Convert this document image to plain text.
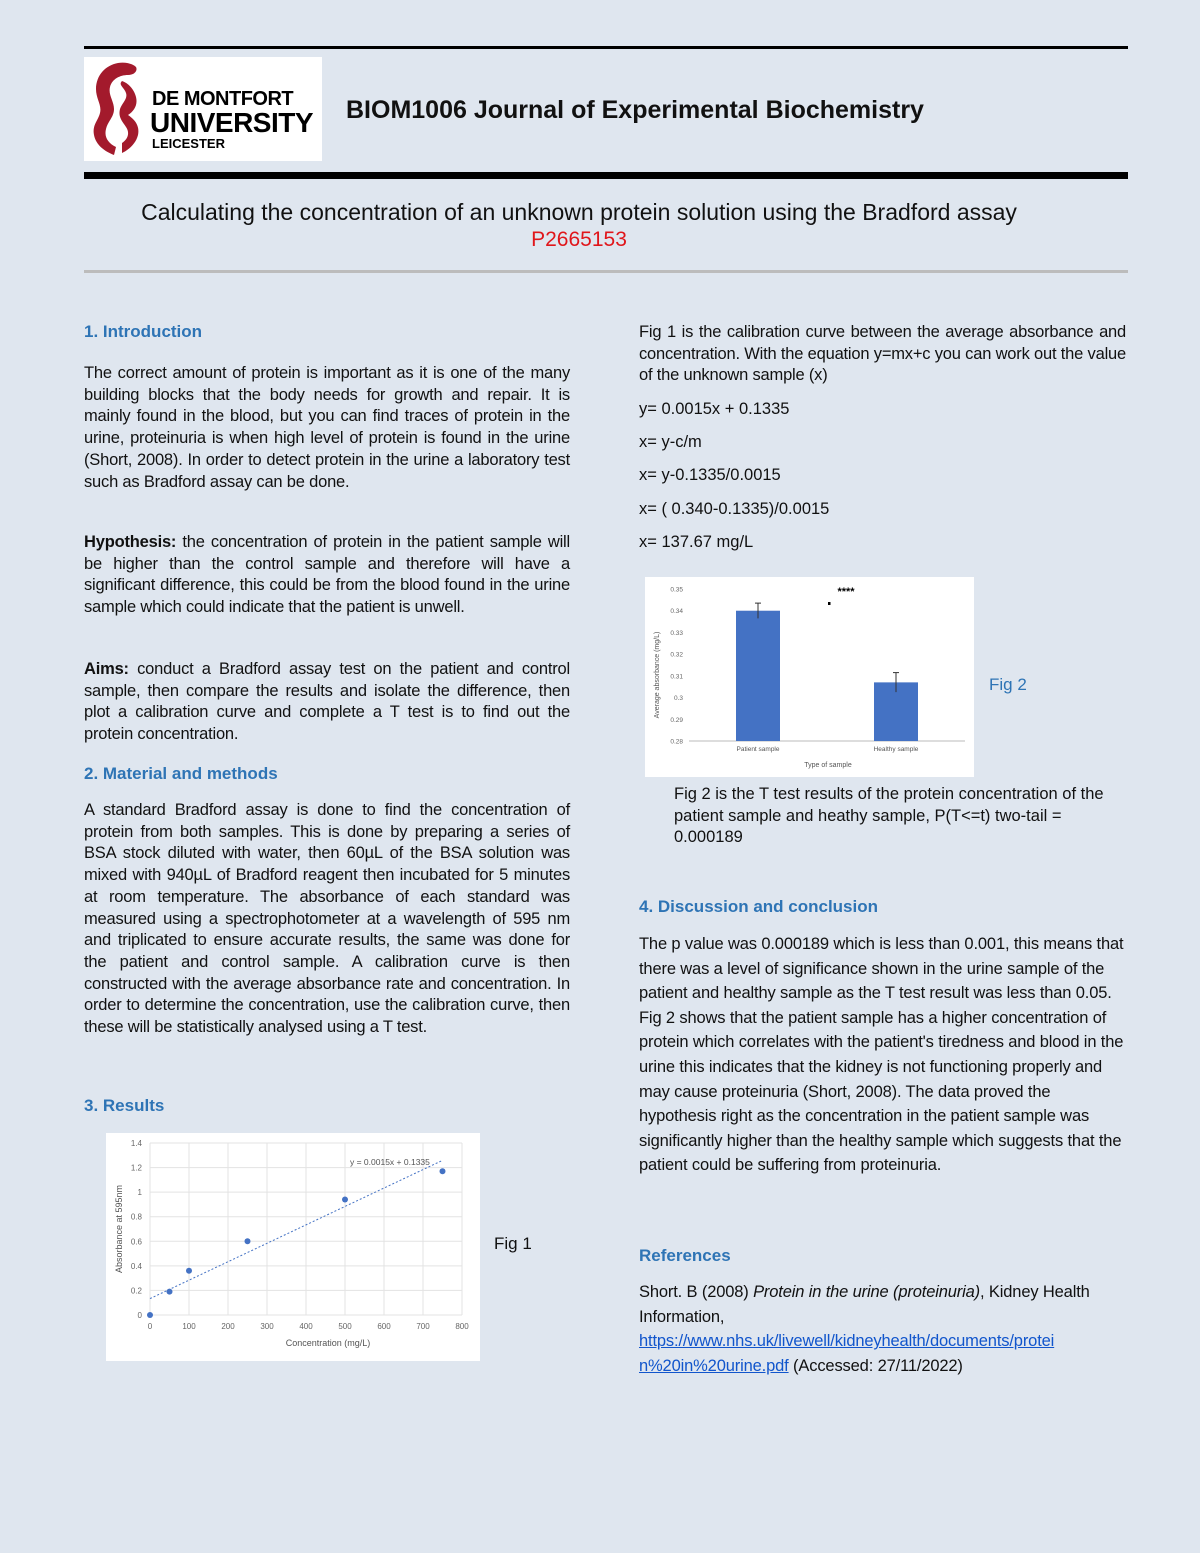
DE MONTFORT
UNIVERSITY
LEICESTER
BIOM1006 Journal of Experimental Biochemistry
Calculating the concentration of an unknown protein solution using the Bradford assay
P2665153
1. Introduction
The correct amount of protein is important as it is one of the many building blocks that the body needs for growth and repair. It is mainly found in the blood, but you can find traces of protein in the urine, proteinuria is when high level of protein is found in the urine (Short, 2008). In order to detect protein in the urine a laboratory test such as Bradford assay can be done.
Hypothesis: the concentration of protein in the patient sample will be higher than the control sample and therefore will have a significant difference, this could be from the blood found in the urine sample which could indicate that the patient is unwell.
Aims: conduct a Bradford assay test on the patient and control sample, then compare the results and isolate the difference, then plot a calibration curve and complete a T test is to find out the protein concentration.
2. Material and methods
A standard Bradford assay is done to find the concentration of protein from both samples. This is done by preparing a series of BSA stock diluted with water, then 60µL of the BSA solution was mixed with 940µL of Bradford reagent then incubated for 5 minutes at room temperature. The absorbance of each standard was measured using a spectrophotometer at a wavelength of 595 nm and triplicated to ensure accurate results, the same was done for the patient and control sample. A calibration curve is then constructed with the average absorbance rate and concentration. In order to determine the concentration, use the calibration curve, then these will be statistically analysed using a T test.
3. Results
0
0.2
0.4
0.6
0.8
1
1.2
1.4
0	100	200	300	400	500	600	700	800
y = 0.0015x + 0.1335
Concentration (mg/L)
Absorbance at 595nm	Fig 1
Fig 1 is the calibration curve between the average absorbance and concentration. With the equation y=mx+c you can work out the value of the unknown sample (x)
y= 0.0015x + 0.1335
x= y-c/m
x= y-0.1335/0.0015
x= ( 0.340-0.1335)/0.0015
x= 137.67 mg/L
0.28
0.29
0.3
0.31
0.32
0.33
0.34
0.35
Patient sample	Healthy sample
****
Type of sample
Average absorbance (mg/L)	Fig 2
Fig 2 is the T test results of the protein concentration of the patient sample and heathy sample, P(T<=t) two-tail = 0.000189
4. Discussion and conclusion
The p value was 0.000189 which is less than 0.001, this means that there was a level of significance shown in the urine sample of the patient and healthy sample as the T test result was less than 0.05. Fig 2 shows that the patient sample has a higher concentration of protein which correlates with the patient's tiredness and blood in the urine this indicates that the kidney is not functioning properly and may cause proteinuria (Short, 2008). The data proved the hypothesis right as the concentration in the patient sample was significantly higher than the healthy sample which suggests that the patient could be suffering from proteinuria.
References
Short. B (2008) Protein in the urine (proteinuria), Kidney Health Information,
https://www.nhs.uk/livewell/kidneyhealth/documents/protei
n%20in%20urine.pdf (Accessed: 27/11/2022)
